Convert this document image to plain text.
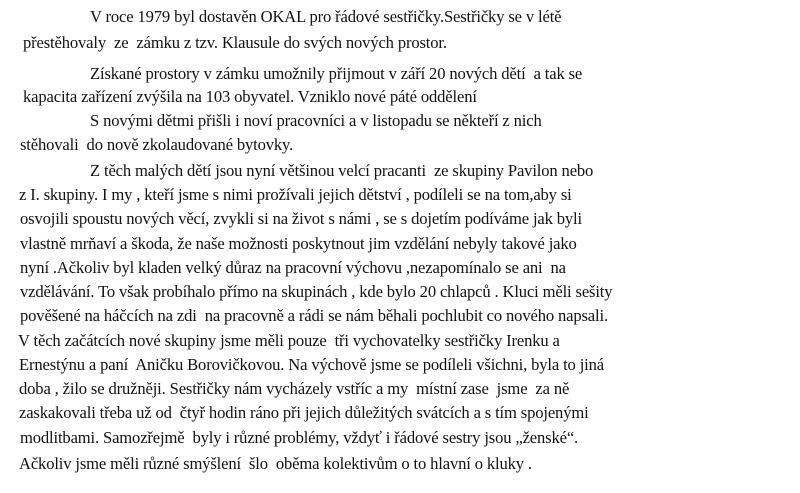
V roce 1979 byl dostavěn OKAL pro řádové sestřičky.Sestřičky se v létě
přestěhovaly  ze  zámku z tzv. Klausule do svých nových prostor.
Získané prostory v zámku umožnily přijmout v září 20 nových dětí  a tak se
kapacita zařízení zvýšila na 103 obyvatel. Vzniklo nové páté oddělení
S novými dětmi přišli i noví pracovníci a v listopadu se někteří z nich
stěhovali  do nově zkolaudované bytovky.
Z těch malých dětí jsou nyní většinou velcí pracanti  ze skupiny Pavilon nebo
z I. skupiny. I my , kteří jsme s nimi prožívali jejich dětství , podíleli se na tom,aby si
osvojili spoustu nových věcí, zvykli si na život s námi , se s dojetím podíváme jak byli
vlastně mrňaví a škoda, že naše možnosti poskytnout jim vzdělání nebyly takové jako
nyní .Ačkoliv byl kladen velký důraz na pracovní výchovu ,nezapomínalo se ani  na
vzdělávání. To však probíhalo přímo na skupinách , kde bylo 20 chlapců . Kluci měli sešity
pověšené na háčcích na zdi  na pracovně a rádi se nám běhali pochlubit co nového napsali.
V těch začátcích nové skupiny jsme měli pouze  tři vychovatelky sestřičky Irenku a
Ernestýnu a paní  Aničku Borovičkovou. Na výchově jsme se podíleli všichni, byla to jiná
doba , žilo se družněji. Sestřičky nám vycházely vstříc a my  místní zase  jsme  za ně
zaskakovali třeba už od  čtyř hodin ráno při jejich důležitých svátcích a s tím spojenými
modlitbami. Samozřejmě  byly i různé problémy, vždyť i řádové sestry jsou „ženské“.
Ačkoliv jsme měli různé smýšlení  šlo  oběma kolektivům o to hlavní o kluky .
